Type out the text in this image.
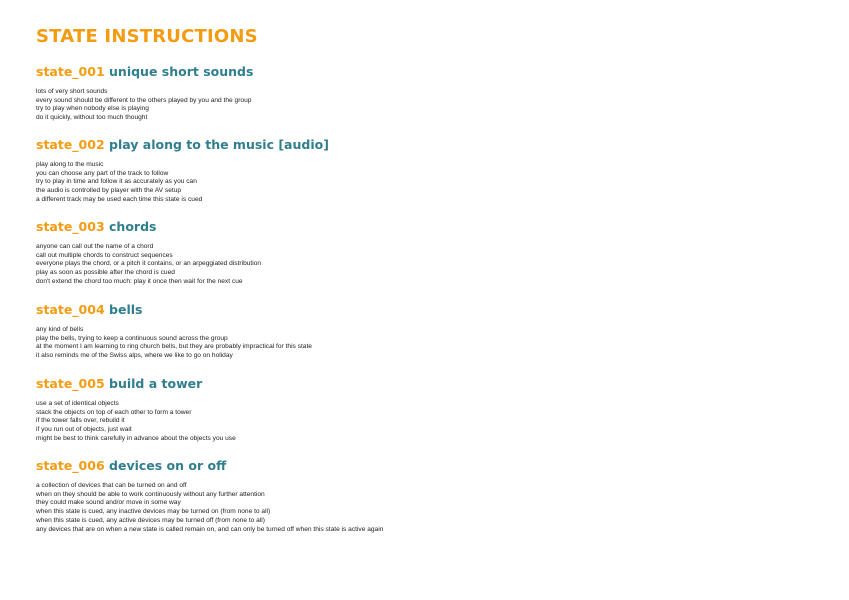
STATE INSTRUCTIONS
state_001 unique short sounds
lots of very short sounds
every sound should be different to the others played by you and the group
try to play when nobody else is playing
do it quickly, without too much thought
state_002 play along to the music [audio]
play along to the music
you can choose any part of the track to follow
try to play in time and follow it as accurately as you can
the audio is controlled by player with the AV setup
a different track may be used each time this state is cued
state_003 chords
anyone can call out the name of a chord
call out multiple chords to construct sequences
everyone plays the chord, or a pitch it contains, or an arpeggiated distribution
play as soon as possible after the chord is cued
don't extend the chord too much: play it once then wait for the next cue
state_004 bells
any kind of bells
play the bells, trying to keep a continuous sound across the group
at the moment I am learning to ring church bells, but they are probably impractical for this state
it also reminds me of the Swiss alps, where we like to go on holiday
state_005 build a tower
use a set of identical objects
stack the objects on top of each other to form a tower
if the tower falls over, rebuild it
if you run out of objects, just wait
might be best to think carefully in advance about the objects you use
state_006 devices on or off
a collection of devices that can be turned on and off
when on they should be able to work continuously without any further attention
they could make sound and/or move in some way
when this state is cued, any inactive devices may be turned on (from none to all)
when this state is cued, any active devices may be turned off (from none to all)
any devices that are on when a new state is called remain on, and can only be turned off when this state is active again
